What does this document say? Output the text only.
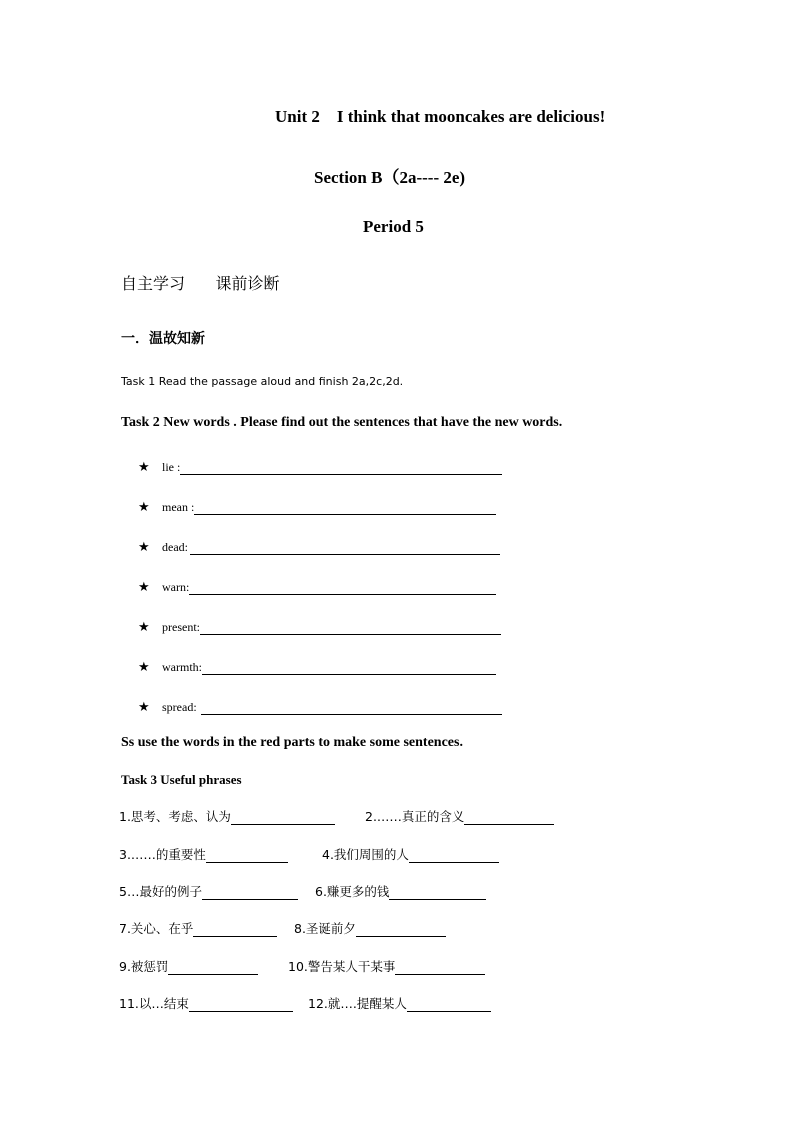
Unit 2    I think that mooncakes are delicious!
Section B（2a---- 2e)
Period 5
自主学习      课前诊断
一．温故知新
Task 1 Read the passage aloud and finish 2a,2c,2d.
Task 2 New words . Please find out the sentences that have the new words.
★	lie :
★	mean :
★	dead:
★	warn:
★	present:
★	warmth:
★	spread:
Ss use the words in the red parts to make some sentences.
Task 3 Useful phrases
1.思考、考虑、认为	2.……真正的含义
3.……的重要性	4.我们周围的人
5…最好的例子	6.赚更多的钱
7.关心、在乎	8.圣诞前夕
9.被惩罚	10.警告某人干某事
11.以…结束	12.就….提醒某人
